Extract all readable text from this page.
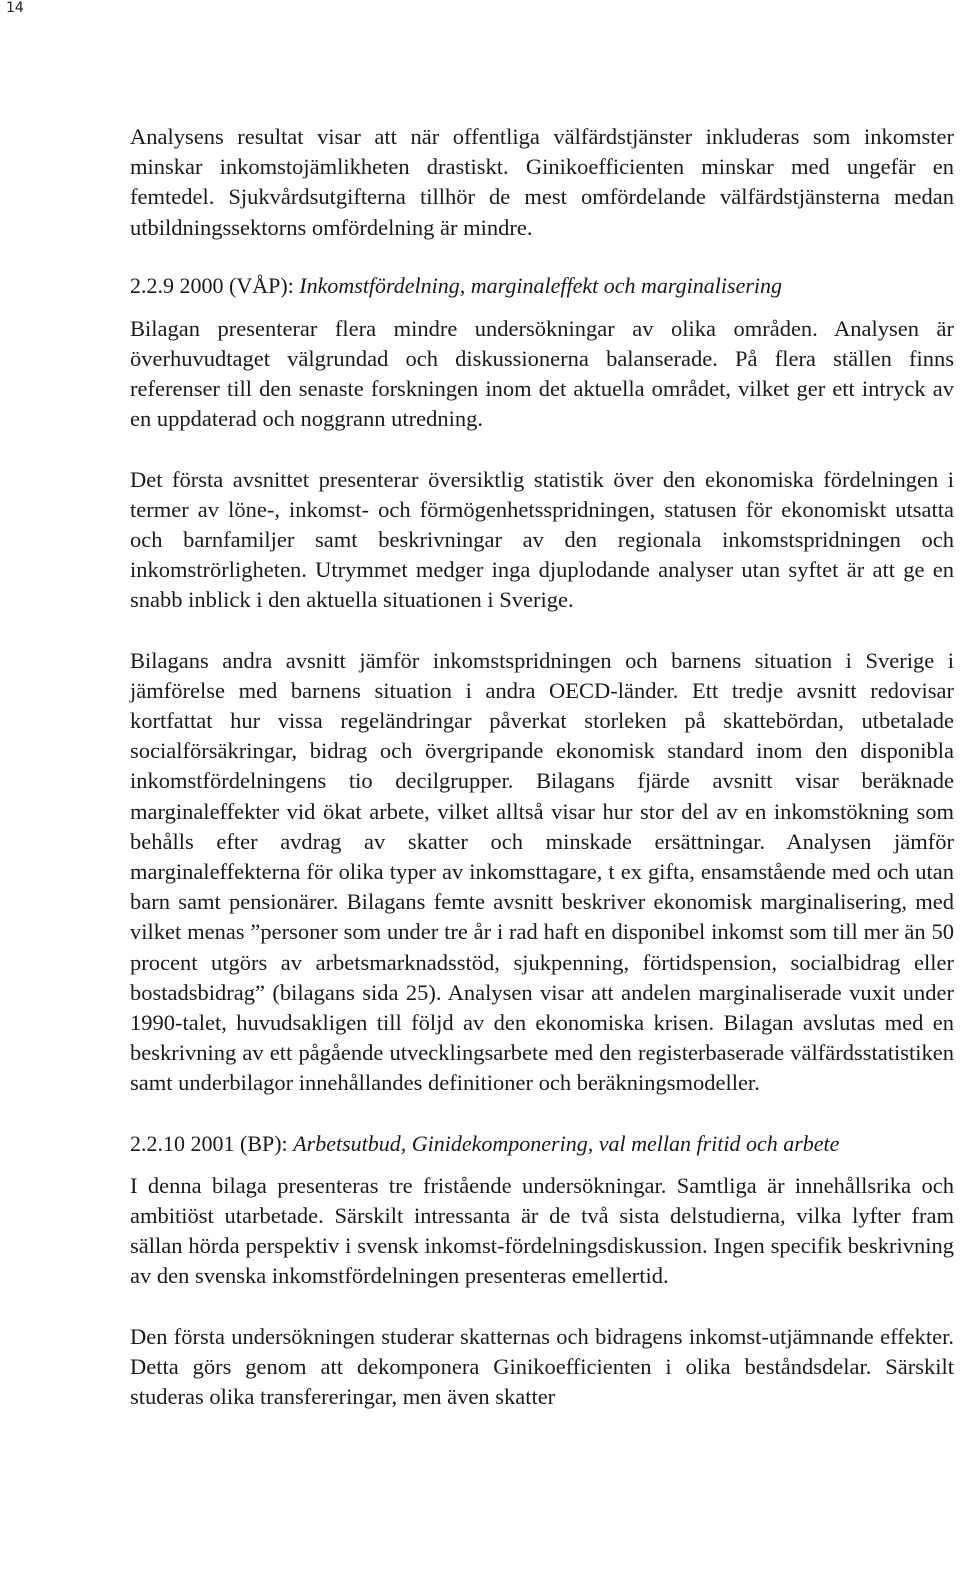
14

Analysens resultat visar att när offentliga välfärdstjänster inkluderas som inkomster minskar inkomstojämlikheten drastiskt. Ginikoefficienten minskar med ungefär en femtedel. Sjukvårdsutgifterna tillhör de mest omfördelande välfärdstjänsterna medan utbildningssektorns omfördelning är mindre.

2.2.9 2000 (VÅP): Inkomstfördelning, marginaleffekt och marginalisering

Bilagan presenterar flera mindre undersökningar av olika områden. Analysen är överhuvudtaget välgrundad och diskussionerna balanserade. På flera ställen finns referenser till den senaste forskningen inom det aktuella området, vilket ger ett intryck av en uppdaterad och noggrann utredning.

Det första avsnittet presenterar översiktlig statistik över den ekonomiska fördelningen i termer av löne-, inkomst- och förmögenhetsspridningen, statusen för ekonomiskt utsatta och barnfamiljer samt beskrivningar av den regionala inkomstspridningen och inkomströrligheten. Utrymmet medger inga djuplodande analyser utan syftet är att ge en snabb inblick i den aktuella situationen i Sverige.

Bilagans andra avsnitt jämför inkomstspridningen och barnens situation i Sverige i jämförelse med barnens situation i andra OECD-länder. Ett tredje avsnitt redovisar kortfattat hur vissa regeländringar påverkat storleken på skattebördan, utbetalade socialförsäkringar, bidrag och övergripande ekonomisk standard inom den disponibla inkomstfördelningens tio decilgrupper. Bilagans fjärde avsnitt visar beräknade marginaleffekter vid ökat arbete, vilket alltså visar hur stor del av en inkomstökning som behålls efter avdrag av skatter och minskade ersättningar. Analysen jämför marginaleffekterna för olika typer av inkomsttagare, t ex gifta, ensamstående med och utan barn samt pensionärer. Bilagans femte avsnitt beskriver ekonomisk marginalisering, med vilket menas ”personer som under tre år i rad haft en disponibel inkomst som till mer än 50 procent utgörs av arbetsmarknadsstöd, sjukpenning, förtidspension, socialbidrag eller bostadsbidrag” (bilagans sida 25). Analysen visar att andelen marginaliserade vuxit under 1990-talet, huvudsakligen till följd av den ekonomiska krisen. Bilagan avslutas med en beskrivning av ett pågående utvecklingsarbete med den registerbaserade välfärdsstatistiken samt underbilagor innehållandes definitioner och beräkningsmodeller.

2.2.10 2001 (BP): Arbetsutbud, Ginidekomponering, val mellan fritid och arbete

I denna bilaga presenteras tre fristående undersökningar. Samtliga är innehållsrika och ambitiöst utarbetade. Särskilt intressanta är de två sista delstudierna, vilka lyfter fram sällan hörda perspektiv i svensk inkomst-fördelningsdiskussion. Ingen specifik beskrivning av den svenska inkomstfördelningen presenteras emellertid.

Den första undersökningen studerar skatternas och bidragens inkomst-utjämnande effekter. Detta görs genom att dekomponera Ginikoefficienten i olika beståndsdelar. Särskilt studeras olika transfereringar, men även skatter
